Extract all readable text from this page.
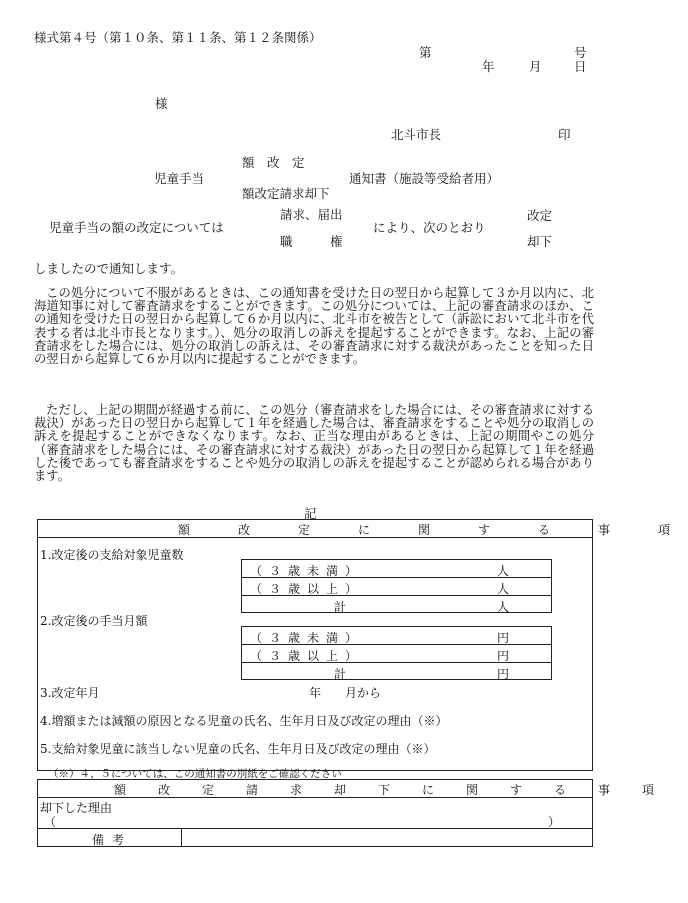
様式第４号（第１０条、第１１条、第１２条関係）
第	号
年	月	日
様
北斗市長	印
額　改　定
児童手当	通知書（施設等受給者用）
額改定請求却下
請求、届出
児童手当の額の改定については	により、次のとおり
改定
職　　　権	却下
しましたので通知します。
この処分について不服があるときは、この通知書を受けた日の翌日から起算して３か月以内に、北海道知事に対して審査請求をすることができます。この処分については、上記の審査請求のほか、この通知を受けた日の翌日から起算して６か月以内に、北斗市を被告として（訴訟において北斗市を代表する者は北斗市長となります。）、処分の取消しの訴えを提起することができます。なお、上記の審査請求をした場合には、処分の取消しの訴えは、その審査請求に対する裁決があったことを知った日の翌日から起算して６か月以内に提起することができます。
ただし、上記の期間が経過する前に、この処分（審査請求をした場合には、その審査請求に対する裁決）があった日の翌日から起算して１年を経過した場合は、審査請求をすることや処分の取消しの訴えを提起することができなくなります。なお、正当な理由があるときは、上記の期間やこの処分（審査請求をした場合には、その審査請求に対する裁決）があった日の翌日から起算して１年を経過した後であっても審査請求をすることや処分の取消しの訴えを提起することが認められる場合があります。
記
額　改　定　に　関　す　る　事　項
1.改定後の支給対象児童数
（３歳未満）	人
（３歳以上）	人
計	人
2.改定後の手当月額
（３歳未満）	円
（３歳以上）	円
計	円
3.改定年月	年　　月から
4.増額または減額の原因となる児童の氏名、生年月日及び改定の理由（※）
5.支給対象児童に該当しない児童の氏名、生年月日及び改定の理由（※）
（※）４、５については、この通知書の別紙をご確認ください
額　改　定　請　求　却　下　に　関　す　る　事　項
却下した理由
（	）
備考
